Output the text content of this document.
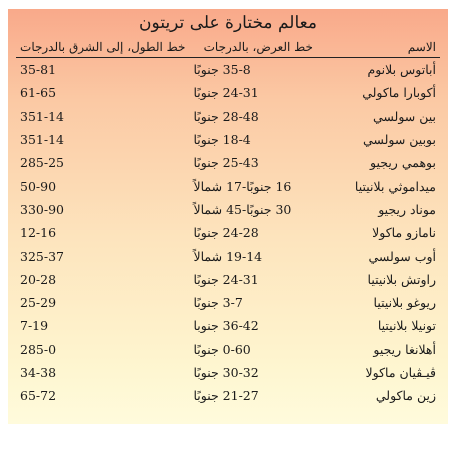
معالم مختارة على تريتون
الاسم	خط العرض، بالدرجات	خط الطول، إلى الشرق بالدرجات
أباتوس بلانوم	35-8 جنوبًا	35-81
أكوبارا ماكولي	24-31 جنوبًا	61-65
بين سولسي	28-48 جنوبًا	351-14
بوبين سولسي	18-4 جنوبًا	351-14
بوهمي ريجيو	25-43 جنوبًا	285-25
ميداموثي بلانيتيا	16 جنوبًا-17 شمالاً	50-90
موناد ريجيو	30 جنوبًا-45 شمالاً	330-90
نامازو ماكولا	24-28 جنوبًا	12-16
أوب سولسي	19-14 شمالاً	325-37
راوتش بلانيتيا	24-31 جنوبًا	20-28
ريوغو بلانيتيا	3-7 جنوبًا	25-29
تونيلا بلانيتيا	36-42 جنوبا	7-19
أهلانغا ريجيو	0-60 جنوبًا	285-0
ڤيـڤيان ماكولا	30-32 جنوبًا	34-38
زين ماكولي	21-27 جنوبًا	65-72
